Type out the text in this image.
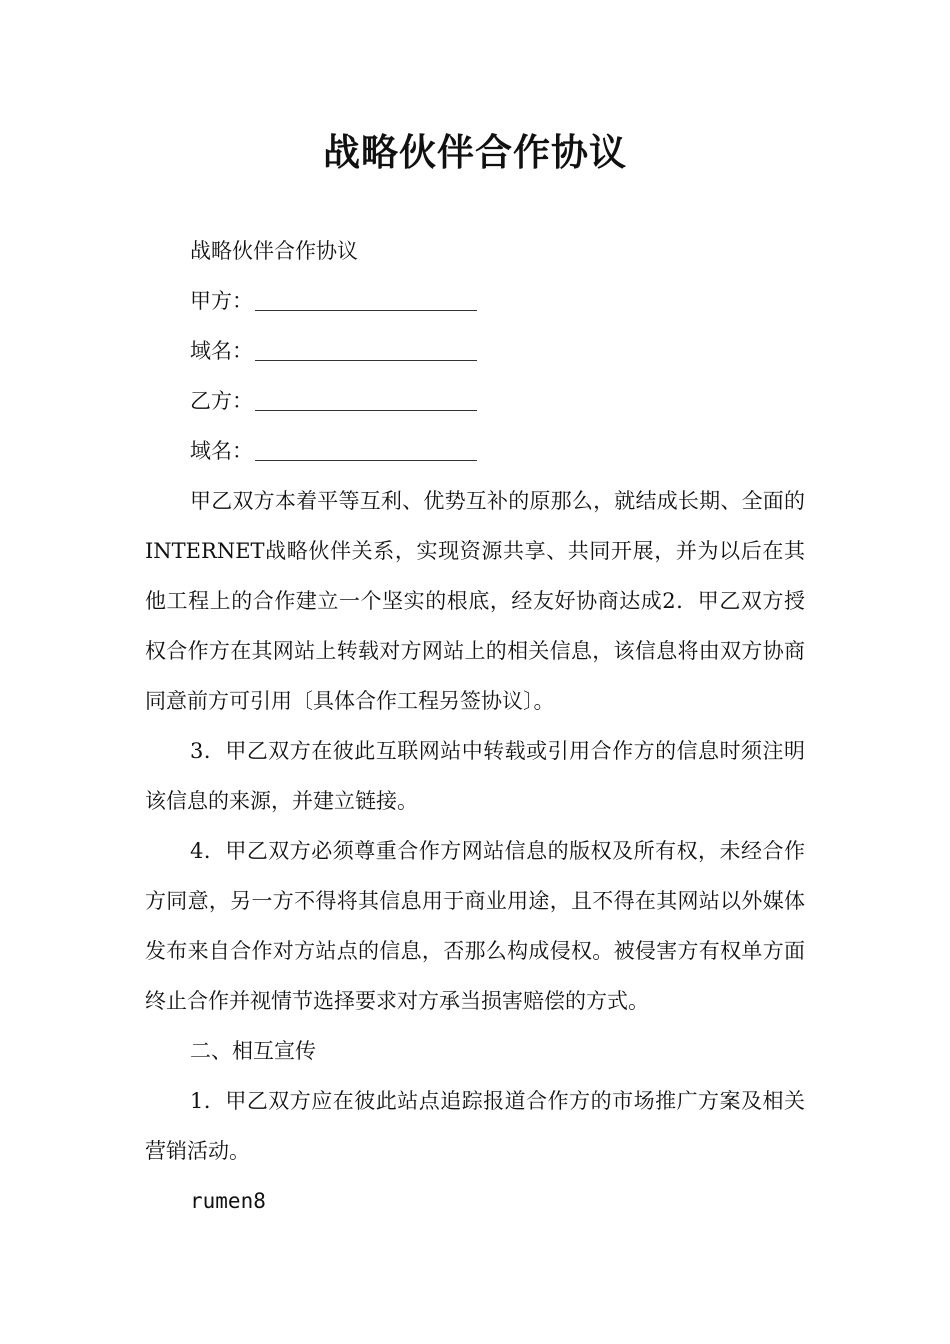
战略伙伴合作协议
战略伙伴合作协议
甲方：
域名：
乙方：
域名：

甲乙双方本着平等互利、优势互补的原那么，就结成长期、全面的INTERNET战略伙伴关系，实现资源共享、共同开展，并为以后在其他工程上的合作建立一个坚实的根底，经友好协商达成2．甲乙双方授权合作方在其网站上转载对方网站上的相关信息，该信息将由双方协商同意前方可引用〔具体合作工程另签协议〕。

3．甲乙双方在彼此互联网站中转载或引用合作方的信息时须注明该信息的来源，并建立链接。

4．甲乙双方必须尊重合作方网站信息的版权及所有权，未经合作方同意，另一方不得将其信息用于商业用途，且不得在其网站以外媒体发布来自合作对方站点的信息，否那么构成侵权。被侵害方有权单方面终止合作并视情节选择要求对方承当损害赔偿的方式。

二、相互宣传

1．甲乙双方应在彼此站点追踪报道合作方的市场推广方案及相关营销活动。

rumen8
